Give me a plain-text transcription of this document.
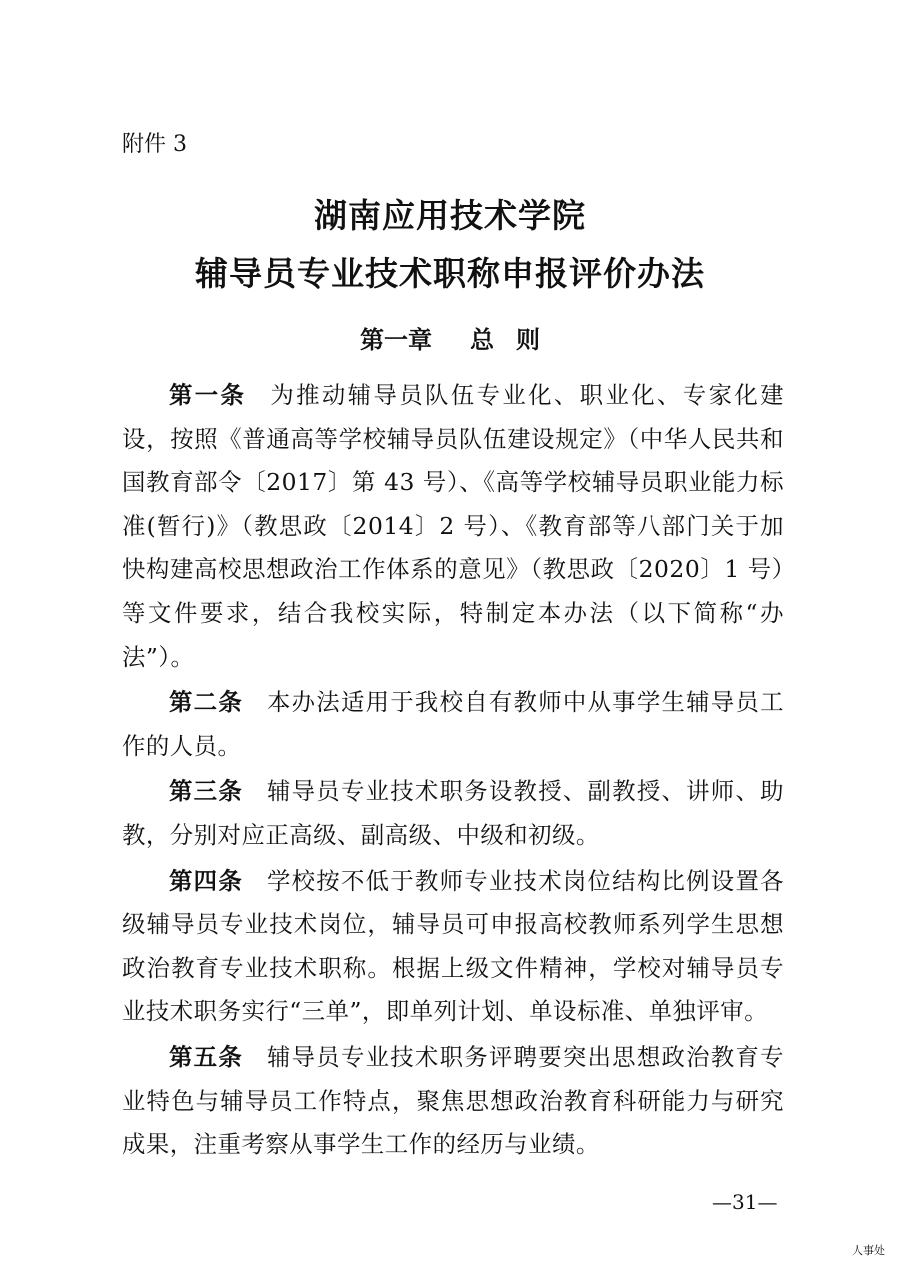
附件 3

湖南应用技术学院
辅导员专业技术职称申报评价办法
第一章 总 则

第一条 为推动辅导员队伍专业化、职业化、专家化建设，按照《普通高等学校辅导员队伍建设规定》（中华人民共和国教育部令〔2017〕第 43 号）、《高等学校辅导员职业能力标准(暂行)》（教思政〔2014〕2 号）、《教育部等八部门关于加快构建高校思想政治工作体系的意见》（教思政〔2020〕1 号）等文件要求，结合我校实际，特制定本办法（以下简称“办法”）。

第二条 本办法适用于我校自有教师中从事学生辅导员工作的人员。

第三条 辅导员专业技术职务设教授、副教授、讲师、助教，分别对应正高级、副高级、中级和初级。

第四条 学校按不低于教师专业技术岗位结构比例设置各级辅导员专业技术岗位，辅导员可申报高校教师系列学生思想政治教育专业技术职称。根据上级文件精神，学校对辅导员专业技术职务实行“三单”，即单列计划、单设标准、单独评审。

第五条 辅导员专业技术职务评聘要突出思想政治教育专业特色与辅导员工作特点，聚焦思想政治教育科研能力与研究成果，注重考察从事学生工作的经历与业绩。

—31—

人事处
